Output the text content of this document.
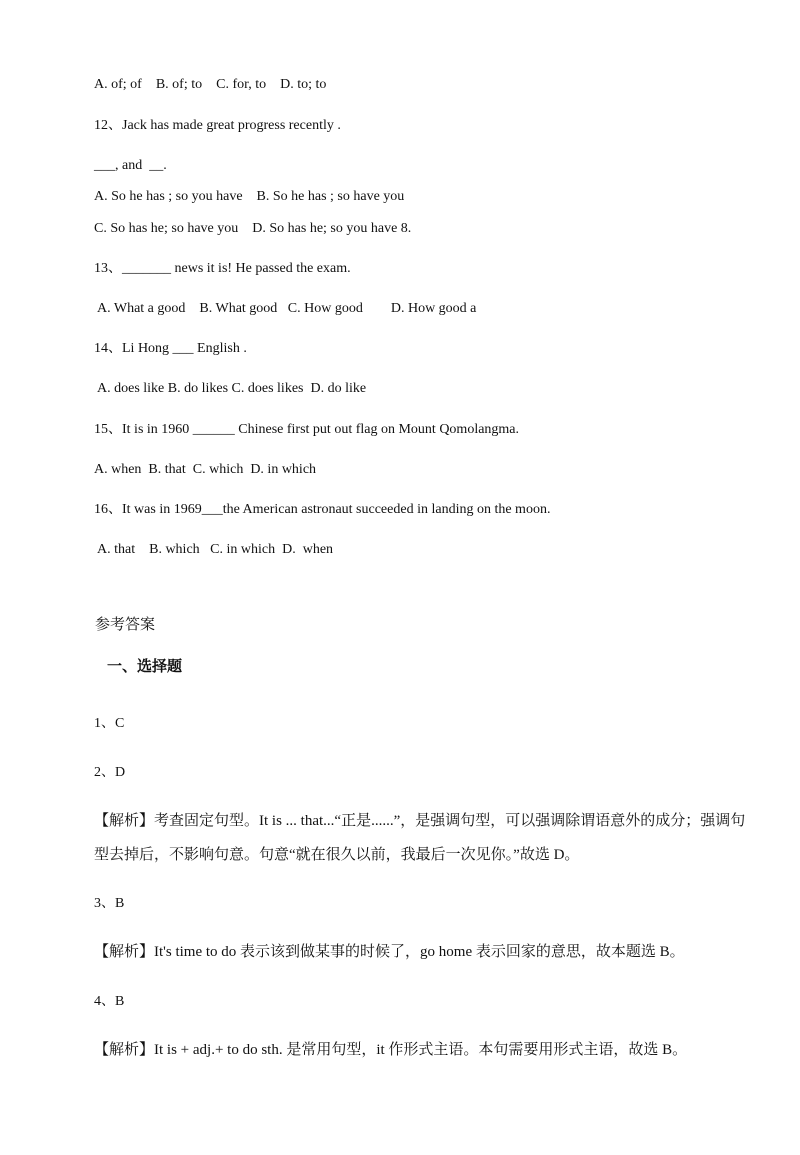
A. of; of    B. of; to    C. for, to    D. to; to
12、Jack has made great progress recently .
___, and  __.
A. So he has ; so you have    B. So he has ; so have you
C. So has he; so have you    D. So has he; so you have 8.
13、_______ news it is! He passed the exam.
A. What a good    B. What good   C. How good        D. How good a
14、Li Hong ___ English .
A. does like B. do likes C. does likes  D. do like
15、It is in 1960 ______ Chinese first put out flag on Mount Qomolangma.
A. when  B. that  C. which  D. in which
16、It was in 1969___the American astronaut succeeded in landing on the moon.
A. that    B. which   C. in which  D.  when
参考答案
一、选择题
1、C
2、D
【解析】考查固定句型。It is ... that...“正是......”，是强调句型，可以强调除谓语意外的成分；强调句
型去掉后，不影响句意。句意“就在很久以前，我最后一次见你。”故选 D。
3、B
【解析】It's time to do 表示该到做某事的时候了，go home 表示回家的意思，故本题选 B。
4、B
【解析】It is + adj.+ to do sth. 是常用句型，it 作形式主语。本句需要用形式主语，故选 B。
